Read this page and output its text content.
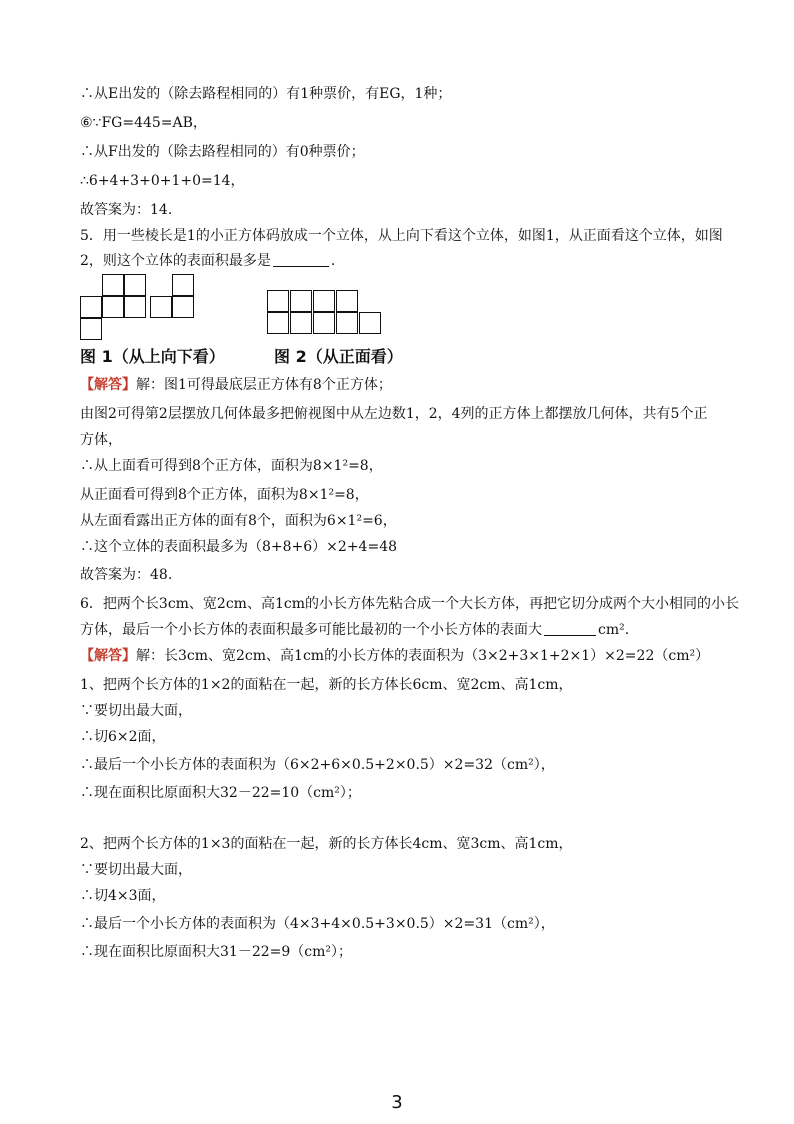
∴从E出发的（除去路程相同的）有1种票价，有EG，1种；
⑥∵FG=445=AB，
∴从F出发的（除去路程相同的）有0种票价；
∴6+4+3+0+1+0=14，
故答案为：14.
5．用一些棱长是1的小正方体码放成一个立体，从上向下看这个立体，如图1，从正面看这个立体，如图
2，则这个立体的表面积最多是	.
图 1（从上向下看）	图 2（从正面看）
【解答】解：图1可得最底层正方体有8个正方体；
由图2可得第2层摆放几何体最多把俯视图中从左边数1，2，4列的正方体上都摆放几何体，共有5个正
方体，
∴从上面看可得到8个正方体，面积为8×1²=8，
从正面看可得到8个正方体，面积为8×1²=8，
从左面看露出正方体的面有8个，面积为6×1²=6，
∴这个立体的表面积最多为（8+8+6）×2+4=48
故答案为：48.
6．把两个长3cm、宽2cm、高1cm的小长方体先粘合成一个大长方体，再把它切分成两个大小相同的小长
方体，最后一个小长方体的表面积最多可能比最初的一个小长方体的表面大	cm².
【解答】解：长3cm、宽2cm、高1cm的小长方体的表面积为（3×2+3×1+2×1）×2=22（cm²）
1、把两个长方体的1×2的面粘在一起，新的长方体长6cm、宽2cm、高1cm，
∵要切出最大面，
∴切6×2面，
∴最后一个小长方体的表面积为（6×2+6×0.5+2×0.5）×2=32（cm²），
∴现在面积比原面积大32－22=10（cm²）；
2、把两个长方体的1×3的面粘在一起，新的长方体长4cm、宽3cm、高1cm，
∵要切出最大面，
∴切4×3面，
∴最后一个小长方体的表面积为（4×3+4×0.5+3×0.5）×2=31（cm²），
∴现在面积比原面积大31－22=9（cm²）；
3
